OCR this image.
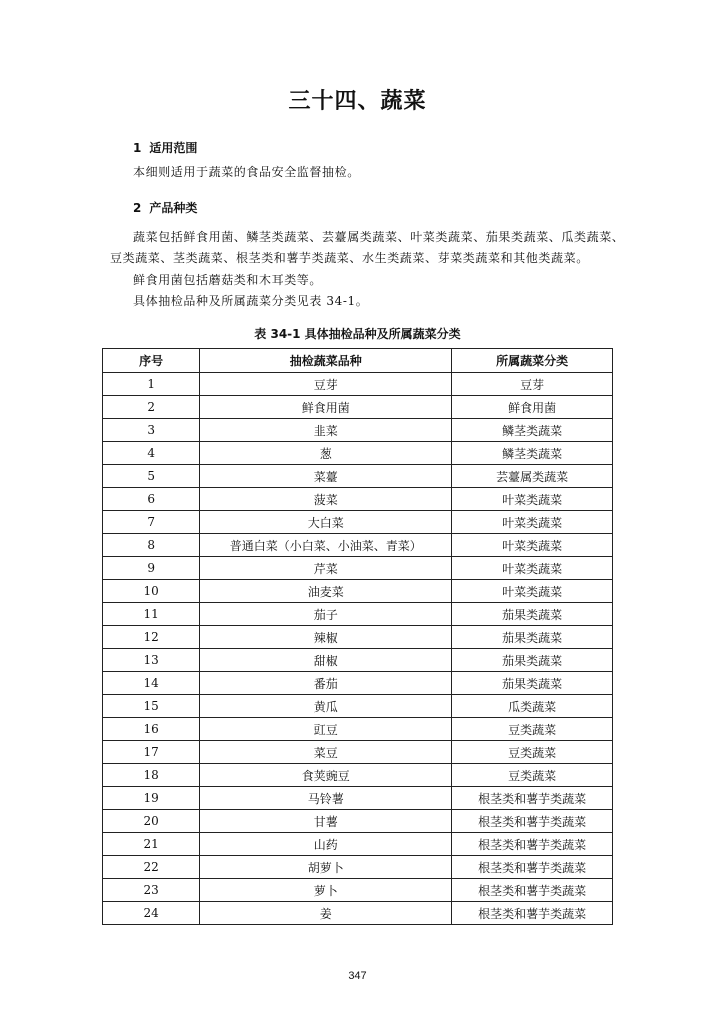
三十四、蔬菜
1 适用范围
本细则适用于蔬菜的食品安全监督抽检。
2 产品种类
蔬菜包括鲜食用菌、鳞茎类蔬菜、芸薹属类蔬菜、叶菜类蔬菜、茄果类蔬菜、瓜类蔬菜、
豆类蔬菜、茎类蔬菜、根茎类和薯芋类蔬菜、水生类蔬菜、芽菜类蔬菜和其他类蔬菜。
鲜食用菌包括蘑菇类和木耳类等。
具体抽检品种及所属蔬菜分类见表 34-1。
表 34-1 具体抽检品种及所属蔬菜分类
序号	抽检蔬菜品种	所属蔬菜分类
1	豆芽	豆芽
2	鲜食用菌	鲜食用菌
3	韭菜	鳞茎类蔬菜
4	葱	鳞茎类蔬菜
5	菜薹	芸薹属类蔬菜
6	菠菜	叶菜类蔬菜
7	大白菜	叶菜类蔬菜
8	普通白菜（小白菜、小油菜、青菜）	叶菜类蔬菜
9	芹菜	叶菜类蔬菜
10	油麦菜	叶菜类蔬菜
11	茄子	茄果类蔬菜
12	辣椒	茄果类蔬菜
13	甜椒	茄果类蔬菜
14	番茄	茄果类蔬菜
15	黄瓜	瓜类蔬菜
16	豇豆	豆类蔬菜
17	菜豆	豆类蔬菜
18	食荚豌豆	豆类蔬菜
19	马铃薯	根茎类和薯芋类蔬菜
20	甘薯	根茎类和薯芋类蔬菜
21	山药	根茎类和薯芋类蔬菜
22	胡萝卜	根茎类和薯芋类蔬菜
23	萝卜	根茎类和薯芋类蔬菜
24	姜	根茎类和薯芋类蔬菜
347
